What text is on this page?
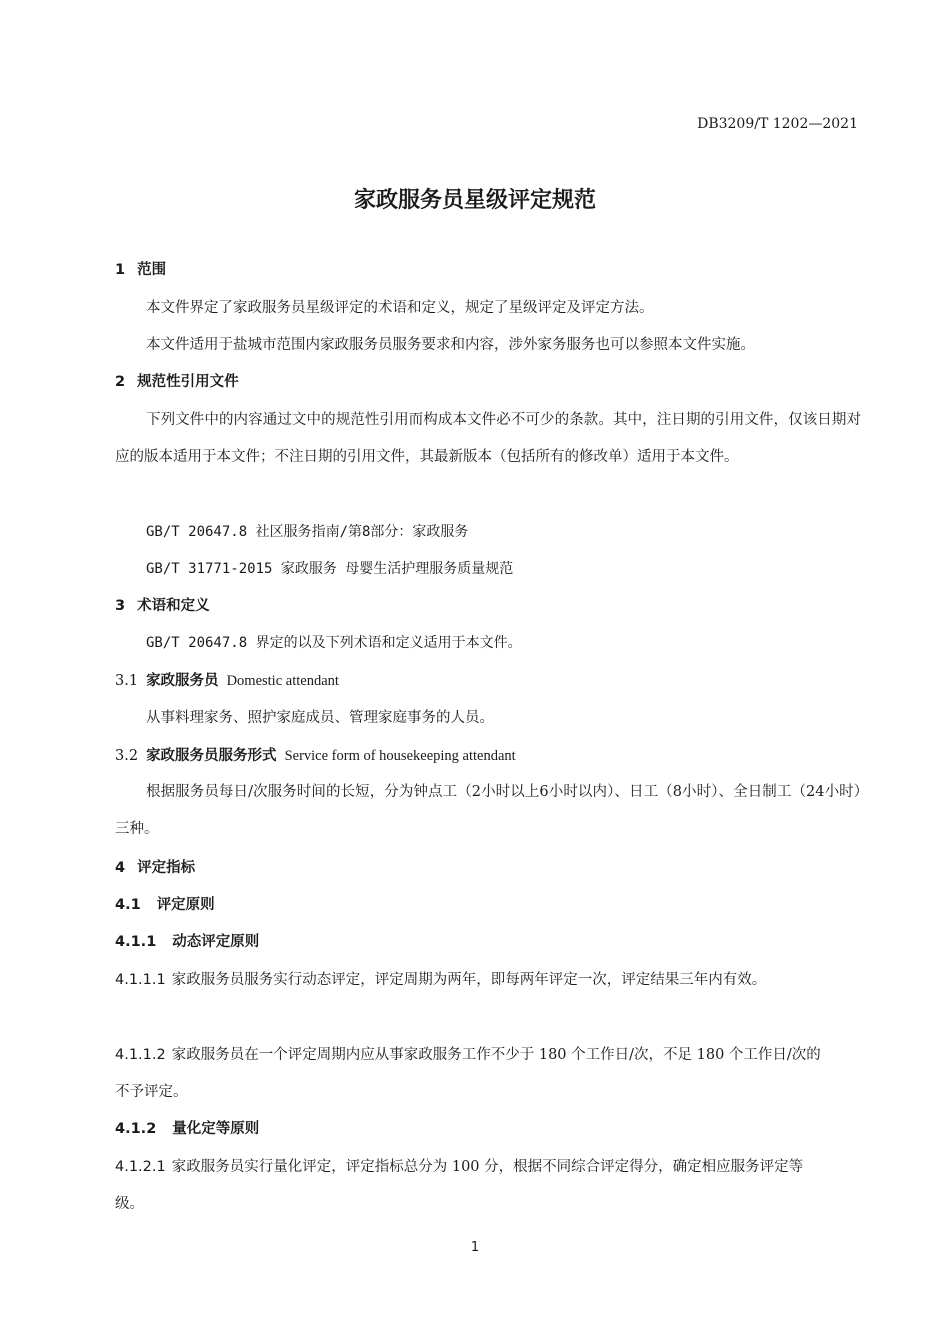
DB3209/T 1202—2021
家政服务员星级评定规范
1 范围
本文件界定了家政服务员星级评定的术语和定义，规定了星级评定及评定方法。
本文件适用于盐城市范围内家政服务员服务要求和内容，涉外家务服务也可以参照本文件实施。
2 规范性引用文件
下列文件中的内容通过文中的规范性引用而构成本文件必不可少的条款。其中，注日期的引用文件，仅该日期对应的版本适用于本文件；不注日期的引用文件，其最新版本（包括所有的修改单）适用于本文件。
GB/T 20647.8 社区服务指南/第8部分：家政服务
GB/T 31771-2015 家政服务 母婴生活护理服务质量规范
3 术语和定义
GB/T 20647.8 界定的以及下列术语和定义适用于本文件。
3.1 家政服务员 Domestic attendant
从事料理家务、照护家庭成员、管理家庭事务的人员。
3.2 家政服务员服务形式 Service form of housekeeping attendant
根据服务员每日/次服务时间的长短，分为钟点工（2小时以上6小时以内）、日工（8小时）、全日制工（24小时）三种。
4 评定指标
4.1 评定原则
4.1.1 动态评定原则
4.1.1.1 家政服务员服务实行动态评定，评定周期为两年，即每两年评定一次，评定结果三年内有效。
4.1.1.2 家政服务员在一个评定周期内应从事家政服务工作不少于 180 个工作日/次，不足 180 个工作日/次的不予评定。
4.1.2 量化定等原则
4.1.2.1 家政服务员实行量化评定，评定指标总分为 100 分，根据不同综合评定得分，确定相应服务评定等级。
1
